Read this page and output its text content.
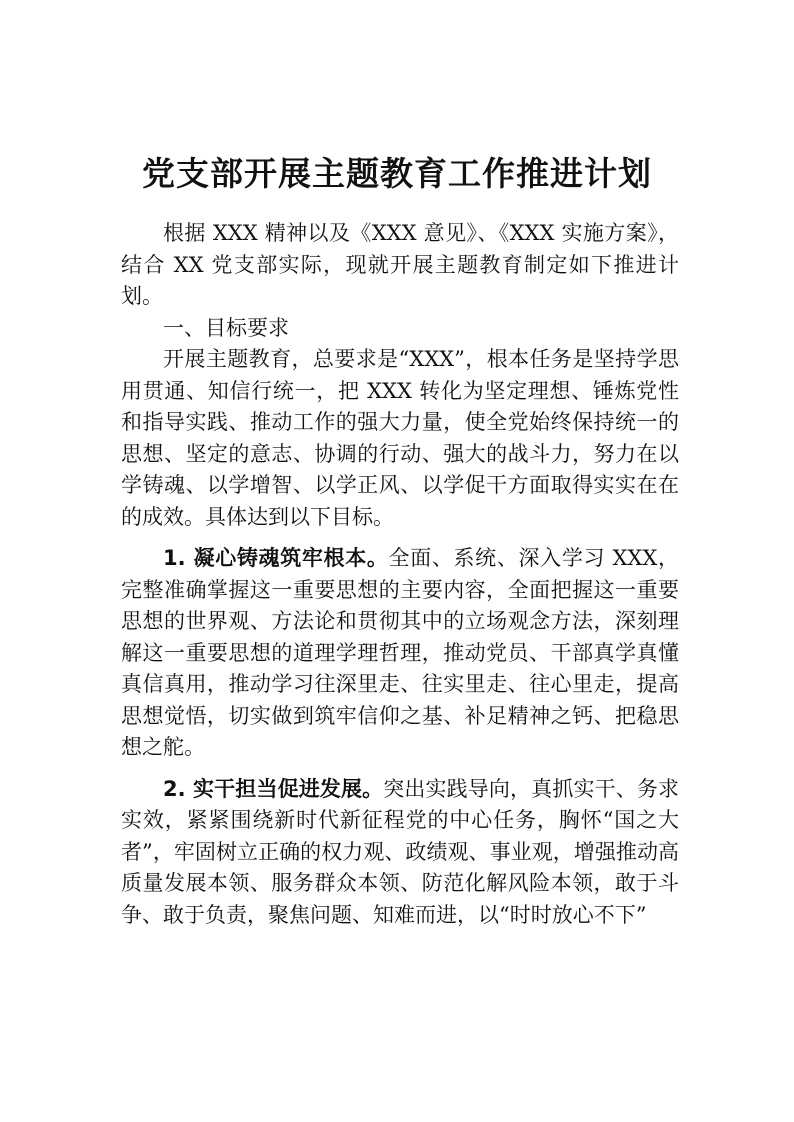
党支部开展主题教育工作推进计划

根据 XXX 精神以及《XXX 意见》、《XXX 实施方案》，结合 XX 党支部实际，现就开展主题教育制定如下推进计划。

一、目标要求

开展主题教育，总要求是“XXX”，根本任务是坚持学思用贯通、知信行统一，把 XXX 转化为坚定理想、锤炼党性和指导实践、推动工作的强大力量，使全党始终保持统一的思想、坚定的意志、协调的行动、强大的战斗力，努力在以学铸魂、以学增智、以学正风、以学促干方面取得实实在在的成效。具体达到以下目标。

1. 凝心铸魂筑牢根本。全面、系统、深入学习 XXX，完整准确掌握这一重要思想的主要内容，全面把握这一重要思想的世界观、方法论和贯彻其中的立场观念方法，深刻理解这一重要思想的道理学理哲理，推动党员、干部真学真懂真信真用，推动学习往深里走、往实里走、往心里走，提高思想觉悟，切实做到筑牢信仰之基、补足精神之钙、把稳思想之舵。

2. 实干担当促进发展。突出实践导向，真抓实干、务求实效，紧紧围绕新时代新征程党的中心任务，胸怀“国之大者”，牢固树立正确的权力观、政绩观、事业观，增强推动高质量发展本领、服务群众本领、防范化解风险本领，敢于斗争、敢于负责，聚焦问题、知难而进，以“时时放心不下”
